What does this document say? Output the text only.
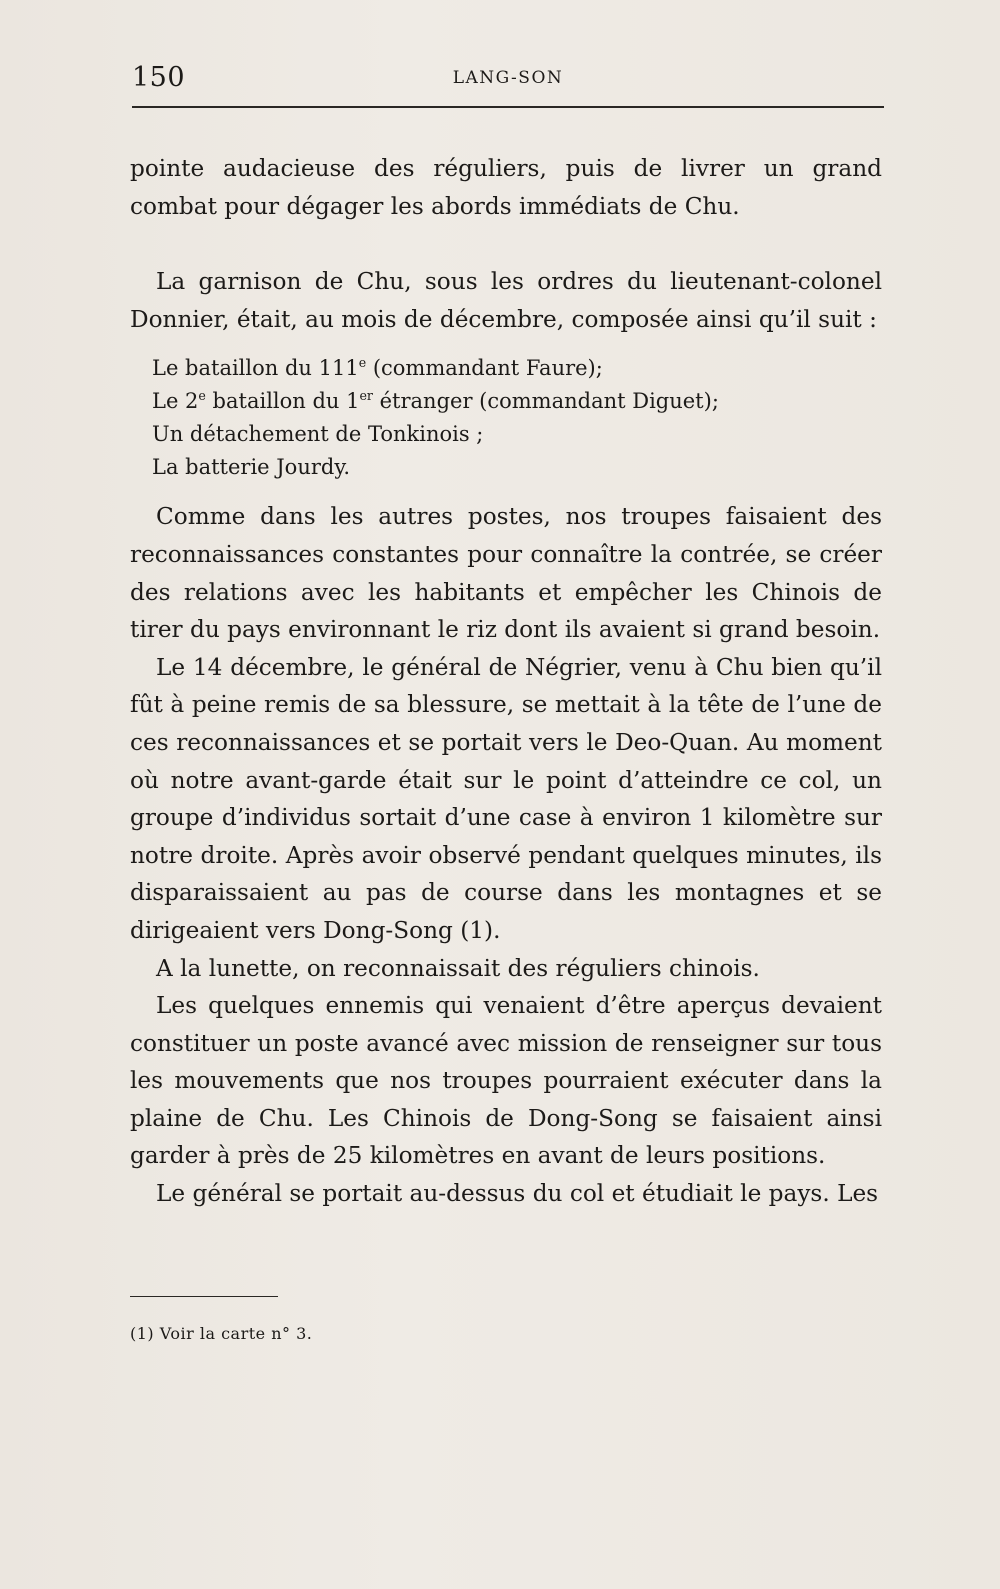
150	LANG-SON

pointe audacieuse des réguliers, puis de livrer un grand combat pour dégager les abords immédiats de Chu.

La garnison de Chu, sous les ordres du lieutenant-colonel Donnier, était, au mois de décembre, composée ainsi qu’il suit :

Le bataillon du 111e (commandant Faure);
Le 2e bataillon du 1er étranger (commandant Diguet);
Un détachement de Tonkinois ;
La batterie Jourdy.

Comme dans les autres postes, nos troupes faisaient des reconnaissances constantes pour connaître la contrée, se créer des relations avec les habitants et empêcher les Chinois de tirer du pays environnant le riz dont ils avaient si grand besoin.

Le 14 décembre, le général de Négrier, venu à Chu bien qu’il fût à peine remis de sa blessure, se mettait à la tête de l’une de ces reconnaissances et se portait vers le Deo-Quan. Au moment où notre avant-garde était sur le point d’atteindre ce col, un groupe d’individus sortait d’une case à environ 1 kilomètre sur notre droite. Après avoir observé pendant quelques minutes, ils disparaissaient au pas de course dans les montagnes et se dirigeaient vers Dong-Song (1).

A la lunette, on reconnaissait des réguliers chinois.

Les quelques ennemis qui venaient d’être aperçus devaient constituer un poste avancé avec mission de renseigner sur tous les mouvements que nos troupes pourraient exécuter dans la plaine de Chu. Les Chinois de Dong-Song se faisaient ainsi garder à près de 25 kilomètres en avant de leurs positions.

Le général se portait au-dessus du col et étudiait le pays. Les

(1) Voir la carte n° 3.
